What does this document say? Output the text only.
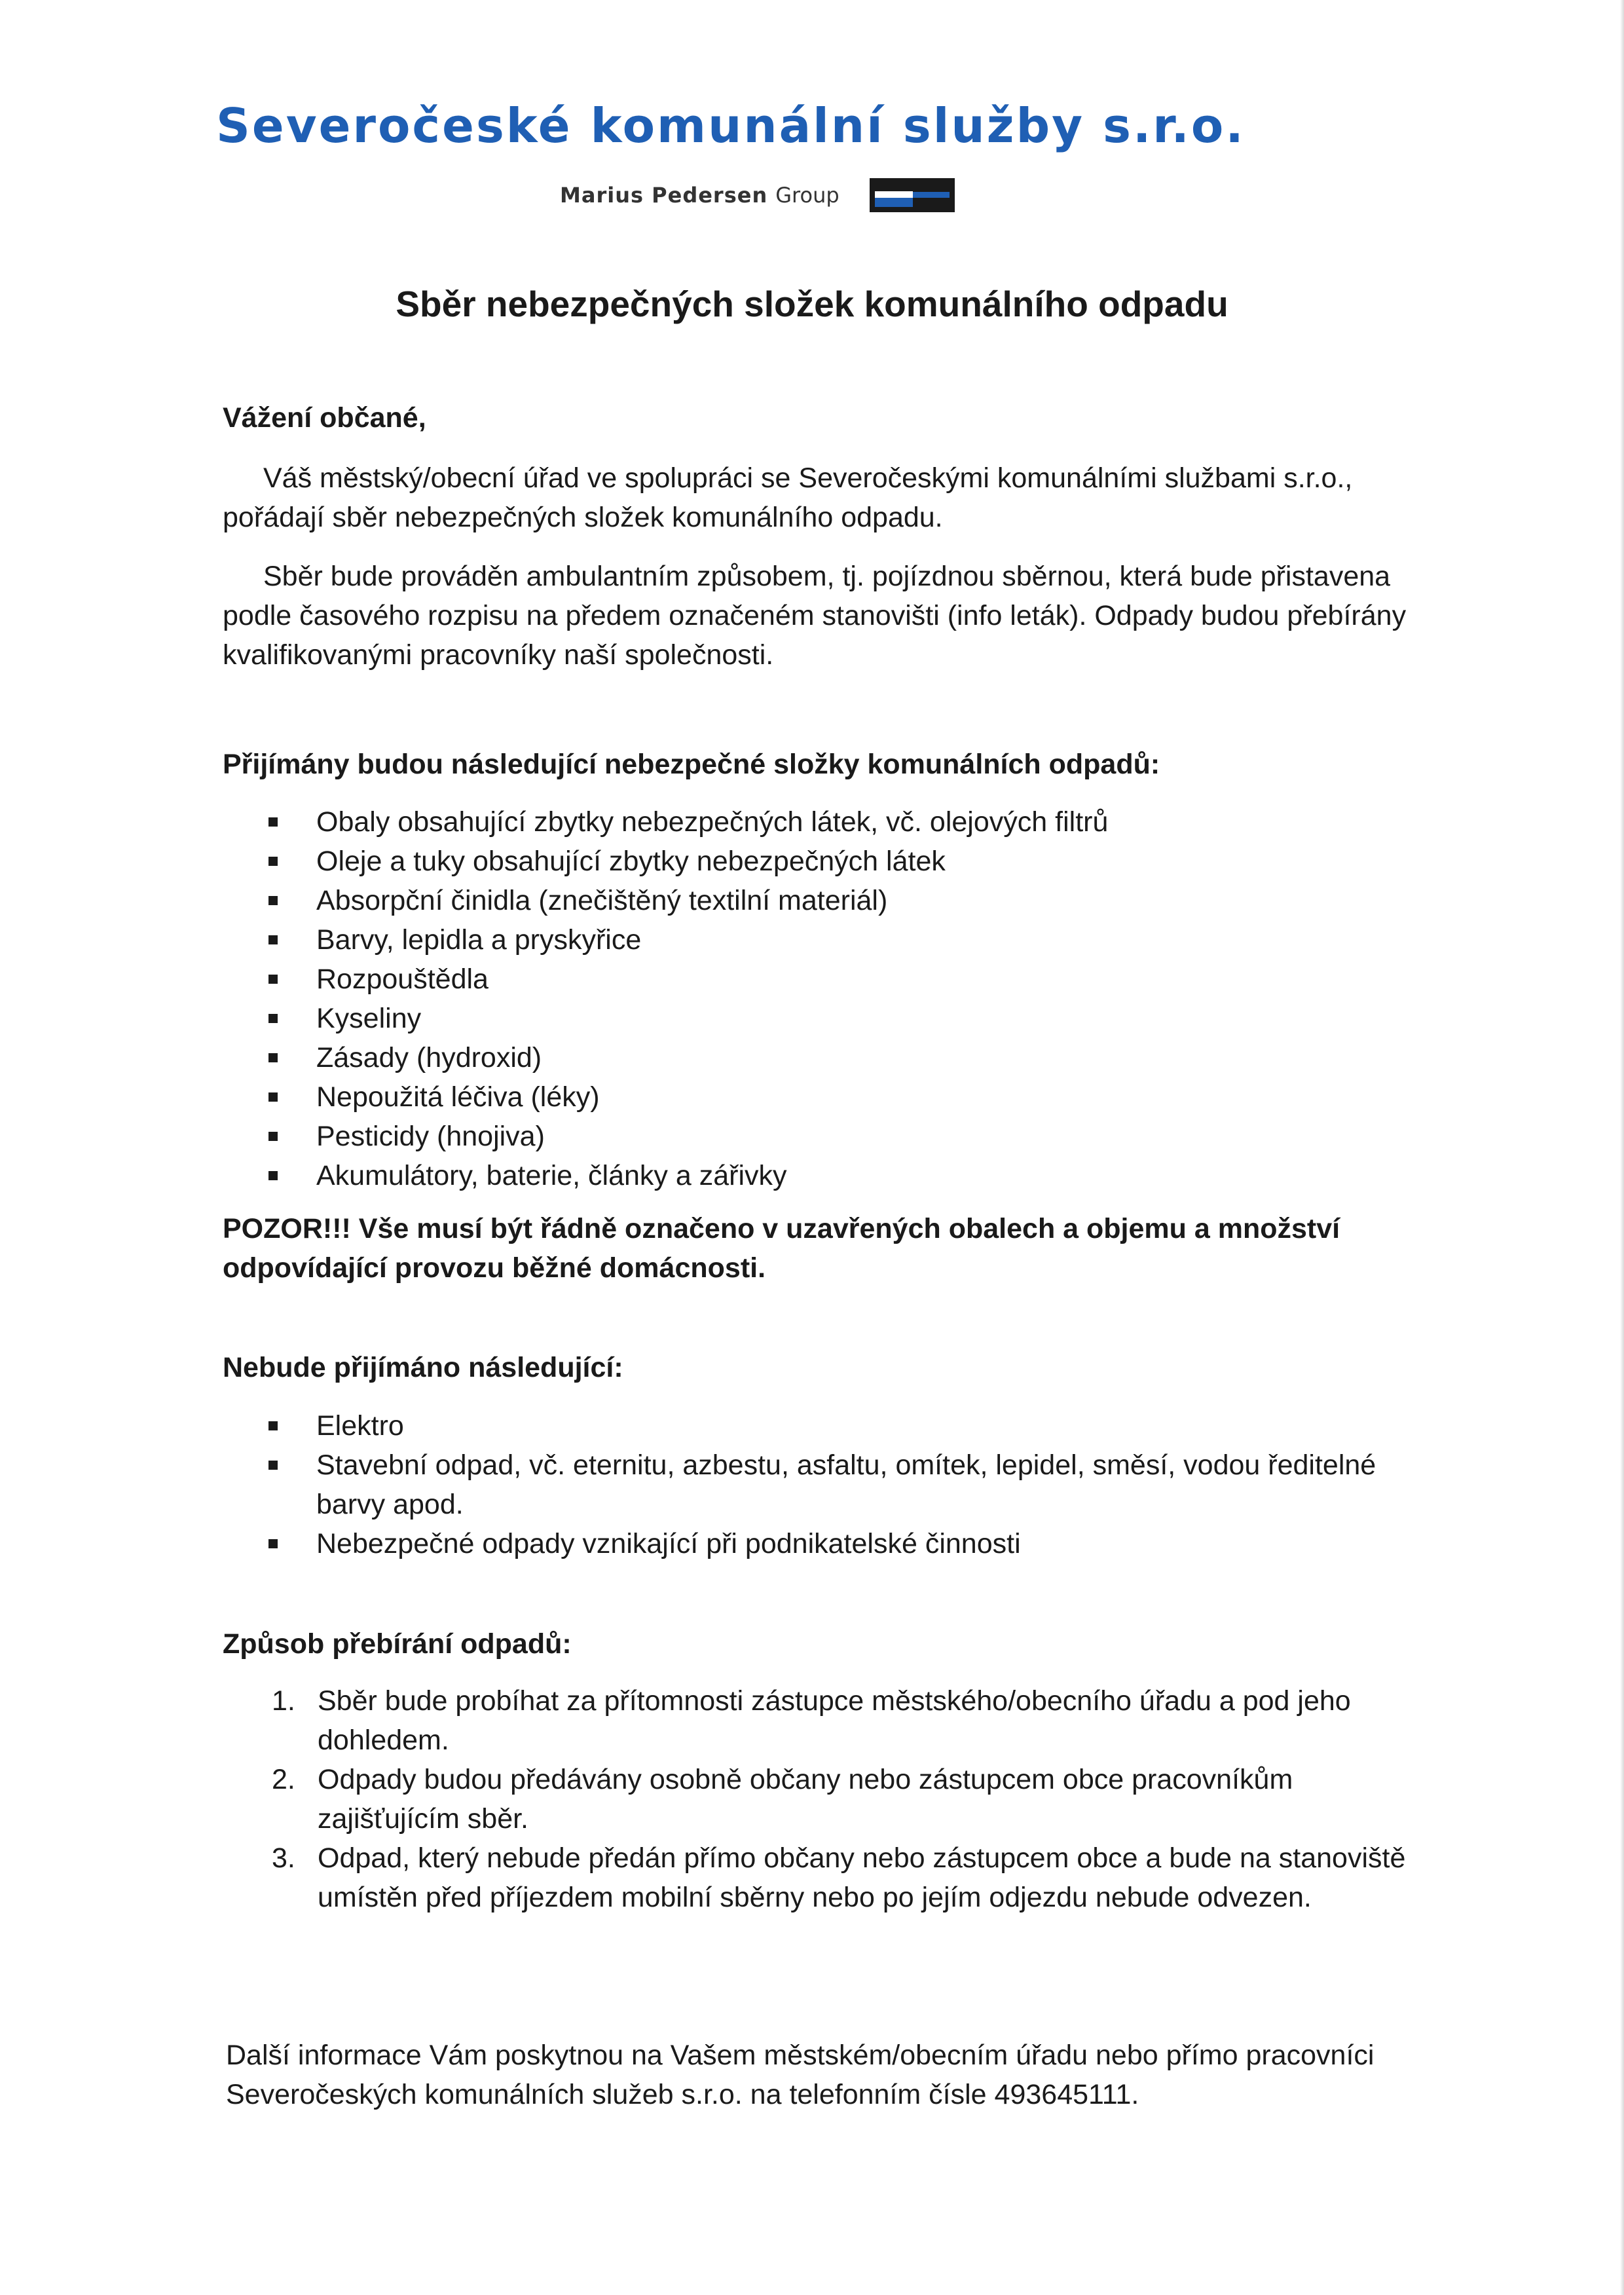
Severočeské komunální služby s.r.o.
Marius Pedersen Group
Sběr nebezpečných složek komunálního odpadu
Vážení občané,

Váš městský/obecní úřad ve spolupráci se Severočeskými komunálními službami s.r.o., pořádají sběr nebezpečných složek komunálního odpadu.

Sběr bude prováděn ambulantním způsobem, tj. pojízdnou sběrnou, která bude přistavena podle časového rozpisu na předem označeném stanovišti (info leták). Odpady budou přebírány kvalifikovanými pracovníky naší společnosti.

Přijímány budou následující nebezpečné složky komunálních odpadů:
Obaly obsahující zbytky nebezpečných látek, vč. olejových filtrů
Oleje a tuky obsahující zbytky nebezpečných látek
Absorpční činidla (znečištěný textilní materiál)
Barvy, lepidla a pryskyřice
Rozpouštědla
Kyseliny
Zásady (hydroxid)
Nepoužitá léčiva (léky)
Pesticidy (hnojiva)
Akumulátory, baterie, články a zářivky
POZOR!!! Vše musí být řádně označeno v uzavřených obalech a objemu a množství odpovídající provozu běžné domácnosti.
Nebude přijímáno následující:
Elektro
Stavební odpad, vč. eternitu, azbestu, asfaltu, omítek, lepidel, směsí, vodou ředitelné barvy apod.
Nebezpečné odpady vznikající při podnikatelské činnosti
Způsob přebírání odpadů:
1. Sběr bude probíhat za přítomnosti zástupce městského/obecního úřadu a pod jeho dohledem.
2. Odpady budou předávány osobně občany nebo zástupcem obce pracovníkům zajišťujícím sběr.
3. Odpad, který nebude předán přímo občany nebo zástupcem obce a bude na stanoviště umístěn před příjezdem mobilní sběrny nebo po jejím odjezdu nebude odvezen.
Další informace Vám poskytnou na Vašem městském/obecním úřadu nebo přímo pracovníci Severočeských komunálních služeb s.r.o. na telefonním čísle 493645111.
